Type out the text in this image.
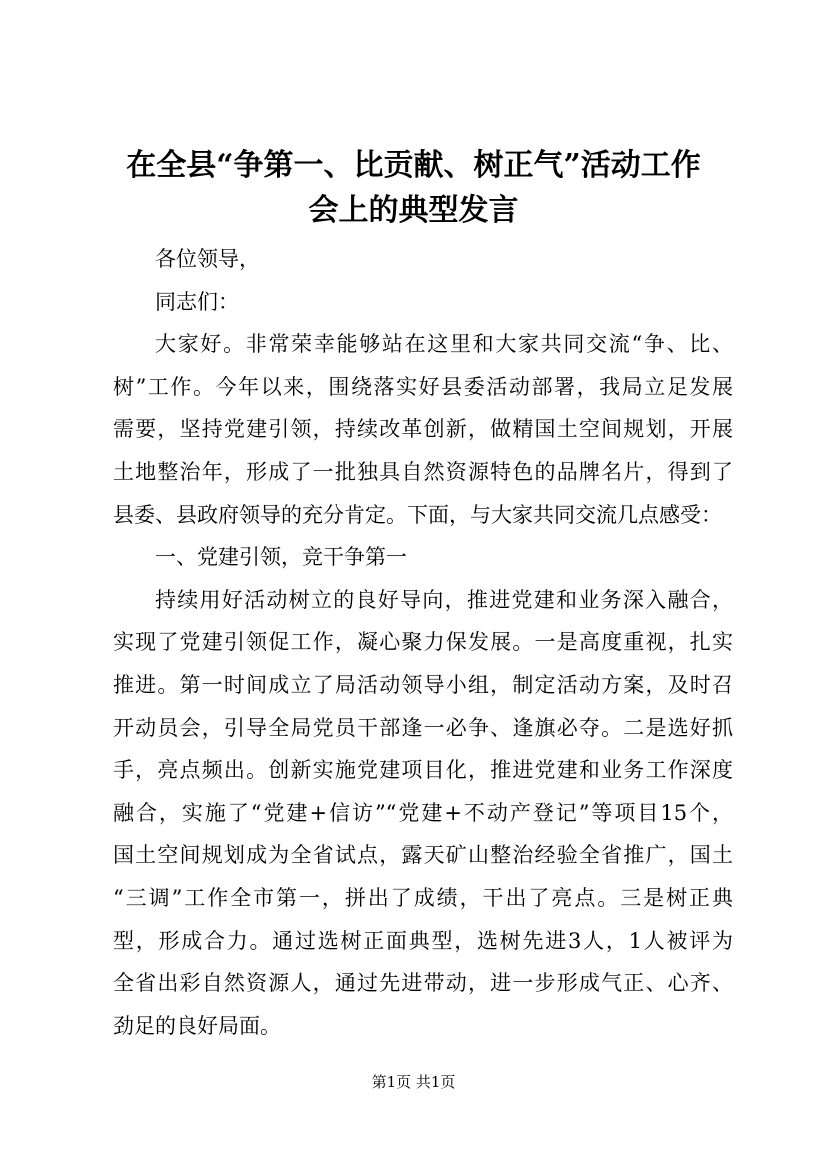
在全县“争第一、比贡献、树正气”活动工作
会上的典型发言

各位领导，

同志们：

大家好。非常荣幸能够站在这里和大家共同交流“争、比、
树”工作。今年以来，围绕落实好县委活动部署，我局立足发展
需要，坚持党建引领，持续改革创新，做精国土空间规划，开展
土地整治年，形成了一批独具自然资源特色的品牌名片，得到了
县委、县政府领导的充分肯定。下面，与大家共同交流几点感受：

一、党建引领，竞干争第一

持续用好活动树立的良好导向，推进党建和业务深入融合，
实现了党建引领促工作，凝心聚力保发展。一是高度重视，扎实
推进。第一时间成立了局活动领导小组，制定活动方案，及时召
开动员会，引导全局党员干部逢一必争、逢旗必夺。二是选好抓
手，亮点频出。创新实施党建项目化，推进党建和业务工作深度
融合，实施了“党建+信访”“党建+不动产登记”等项目15个，
国土空间规划成为全省试点，露天矿山整治经验全省推广，国土
“三调”工作全市第一，拼出了成绩，干出了亮点。三是树正典
型，形成合力。通过选树正面典型，选树先进3人，1人被评为
全省出彩自然资源人，通过先进带动，进一步形成气正、心齐、
劲足的良好局面。
第1页 共1页
